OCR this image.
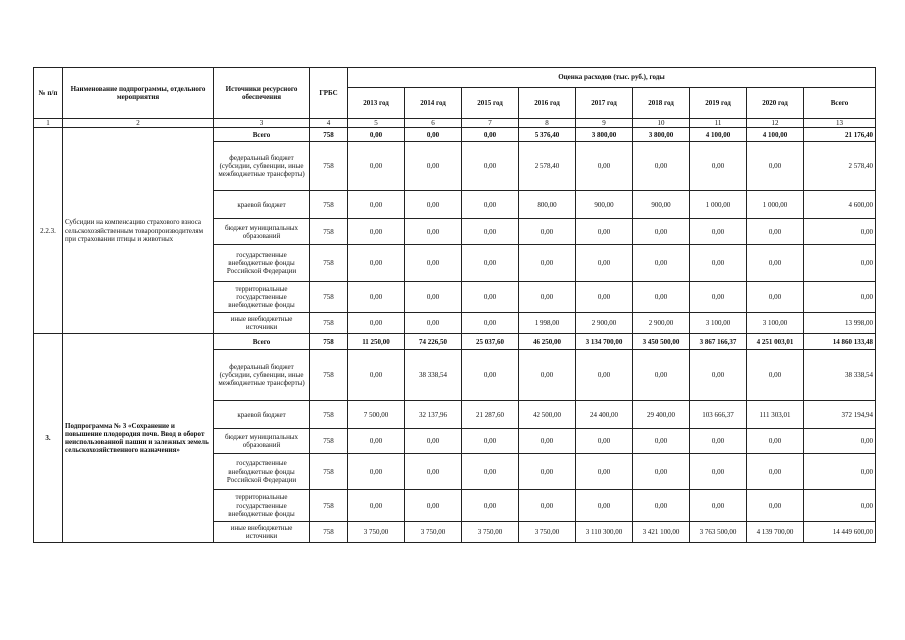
№ п/п	Наименование подпрограммы, отдельного мероприятия	Источники ресурсного обеспечения	ГРБС	Оценка расходов (тыс. руб.), годы								
				2013 год	2014 год	2015 год	2016 год	2017 год	2018 год	2019 год	2020 год	Всего
1	2	3	4	5	6	7	8	9	10	11	12	13
2.2.3.	Субсидии на компенсацию страхового взноса сельскохозяйственным товаропроизводителям при страховании птицы и животных	Всего	758	0,00	0,00	0,00	5 376,40	3 800,00	3 800,00	4 100,00	4 100,00	21 176,40
		федеральный бюджет (субсидии, субвенции, иные межбюджетные трансферты)	758	0,00	0,00	0,00	2 578,40	0,00	0,00	0,00	0,00	2 578,40
		краевой бюджет	758	0,00	0,00	0,00	800,00	900,00	900,00	1 000,00	1 000,00	4 600,00
		бюджет муниципальных образований	758	0,00	0,00	0,00	0,00	0,00	0,00	0,00	0,00	0,00
		государственные внебюджетные фонды Российской Федерации	758	0,00	0,00	0,00	0,00	0,00	0,00	0,00	0,00	0,00
		территориальные государственные внебюджетные фонды	758	0,00	0,00	0,00	0,00	0,00	0,00	0,00	0,00	0,00
		иные внебюджетные источники	758	0,00	0,00	0,00	1 998,00	2 900,00	2 900,00	3 100,00	3 100,00	13 998,00
3.	Подпрограмма № 3 «Сохранение и повышение плодородия почв. Ввод в оборот неиспользованной пашни и залежных земель сельскохозяйственного назначения»	Всего	758	11 250,00	74 226,50	25 037,60	46 250,00	3 134 700,00	3 450 500,00	3 867 166,37	4 251 003,01	14 860 133,48
		федеральный бюджет (субсидии, субвенции, иные межбюджетные трансферты)	758	0,00	38 338,54	0,00	0,00	0,00	0,00	0,00	0,00	38 338,54
		краевой бюджет	758	7 500,00	32 137,96	21 287,60	42 500,00	24 400,00	29 400,00	103 666,37	111 303,01	372 194,94
		бюджет муниципальных образований	758	0,00	0,00	0,00	0,00	0,00	0,00	0,00	0,00	0,00
		государственные внебюджетные фонды Российской Федерации	758	0,00	0,00	0,00	0,00	0,00	0,00	0,00	0,00	0,00
		территориальные государственные внебюджетные фонды	758	0,00	0,00	0,00	0,00	0,00	0,00	0,00	0,00	0,00
		иные внебюджетные источники	758	3 750,00	3 750,00	3 750,00	3 750,00	3 110 300,00	3 421 100,00	3 763 500,00	4 139 700,00	14 449 600,00
